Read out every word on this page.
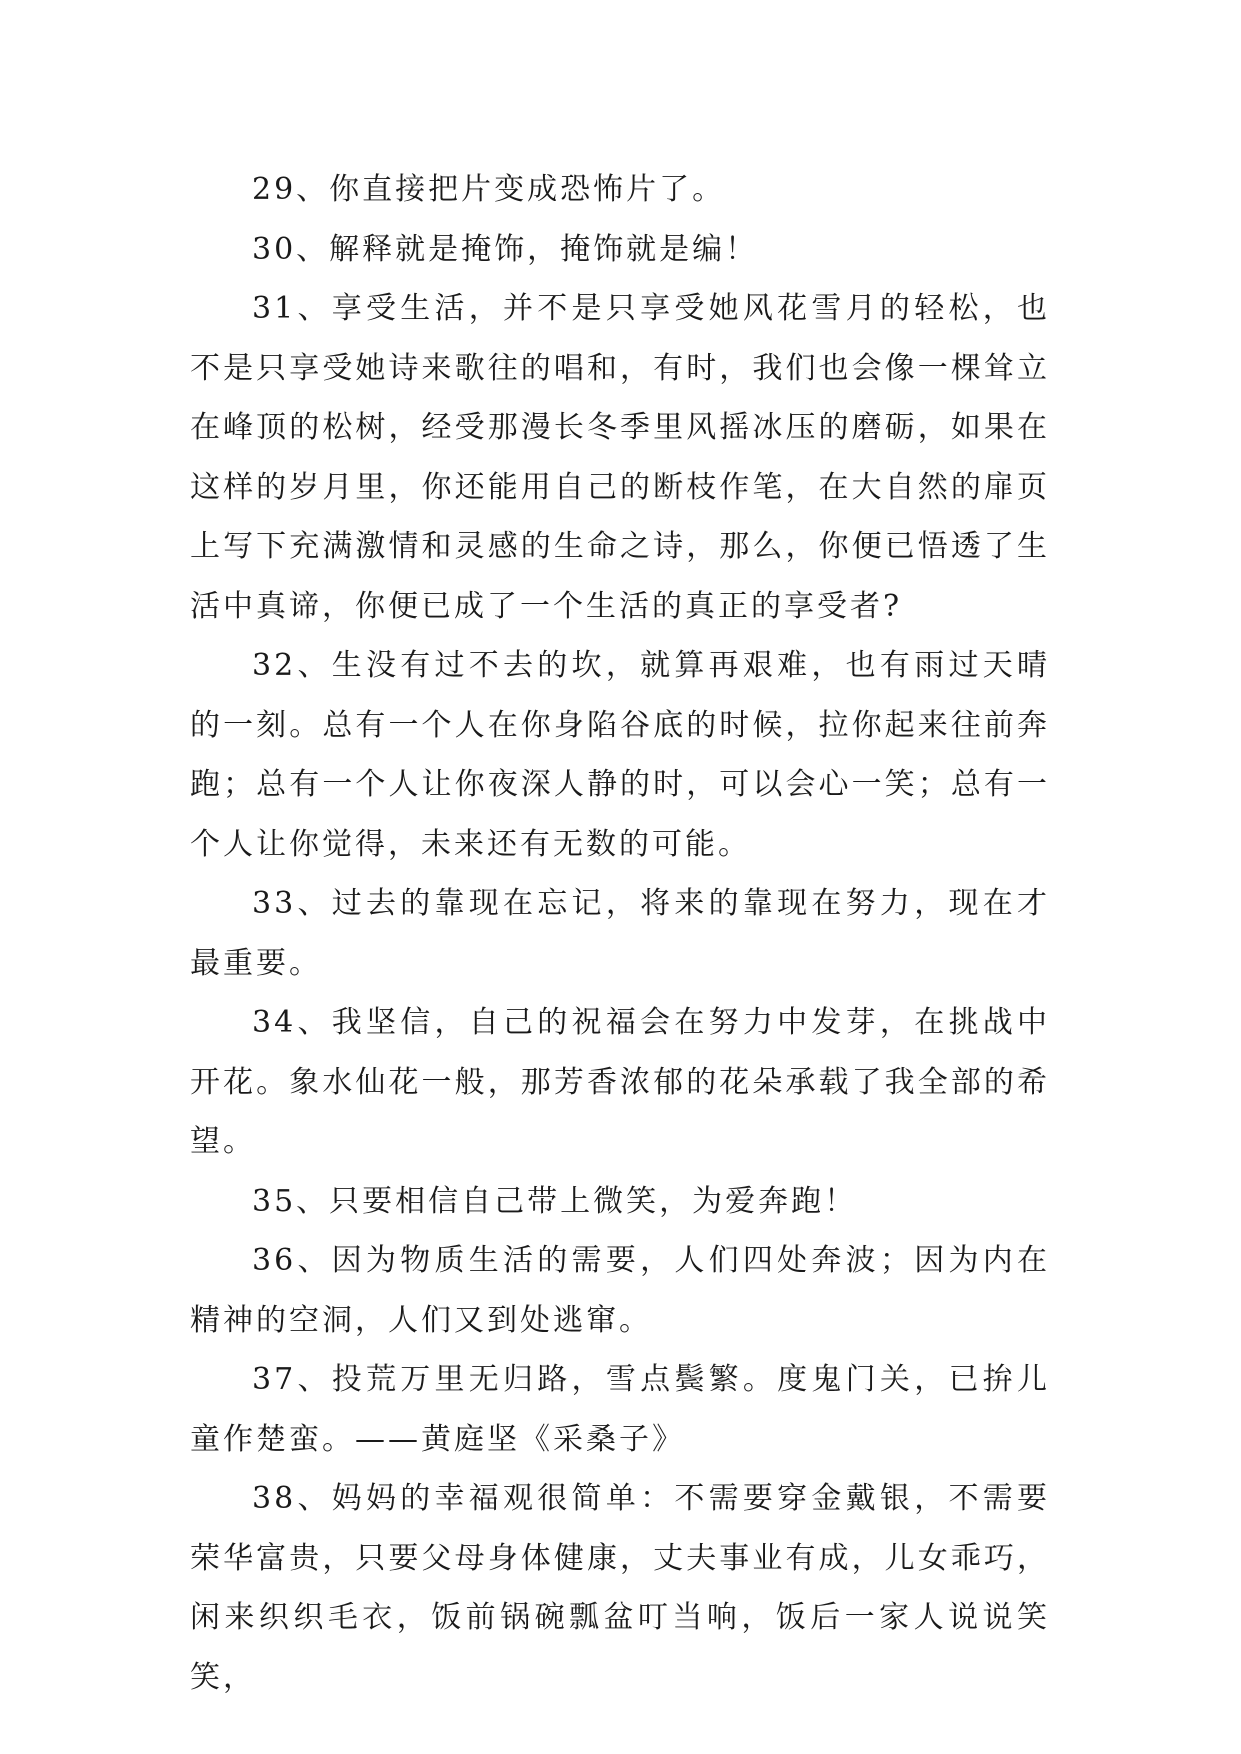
29、你直接把片变成恐怖片了。

30、解释就是掩饰，掩饰就是编！

31、享受生活，并不是只享受她风花雪月的轻松，也不是只享受她诗来歌往的唱和，有时，我们也会像一棵耸立在峰顶的松树，经受那漫长冬季里风摇冰压的磨砺，如果在这样的岁月里，你还能用自己的断枝作笔，在大自然的扉页上写下充满激情和灵感的生命之诗，那么，你便已悟透了生活中真谛，你便已成了一个生活的真正的享受者?

32、生没有过不去的坎，就算再艰难，也有雨过天晴的一刻。总有一个人在你身陷谷底的时候，拉你起来往前奔跑；总有一个人让你夜深人静的时，可以会心一笑；总有一个人让你觉得，未来还有无数的可能。

33、过去的靠现在忘记，将来的靠现在努力，现在才最重要。

34、我坚信，自己的祝福会在努力中发芽，在挑战中开花。象水仙花一般，那芳香浓郁的花朵承载了我全部的希望。

35、只要相信自己带上微笑，为爱奔跑！

36、因为物质生活的需要，人们四处奔波；因为内在精神的空洞，人们又到处逃窜。

37、投荒万里无归路，雪点鬓繁。度鬼门关，已拚儿童作楚蛮。——黄庭坚《采桑子》

38、妈妈的幸福观很简单：不需要穿金戴银，不需要荣华富贵，只要父母身体健康，丈夫事业有成，儿女乖巧，闲来织织毛衣，饭前锅碗瓢盆叮当响，饭后一家人说说笑笑，
